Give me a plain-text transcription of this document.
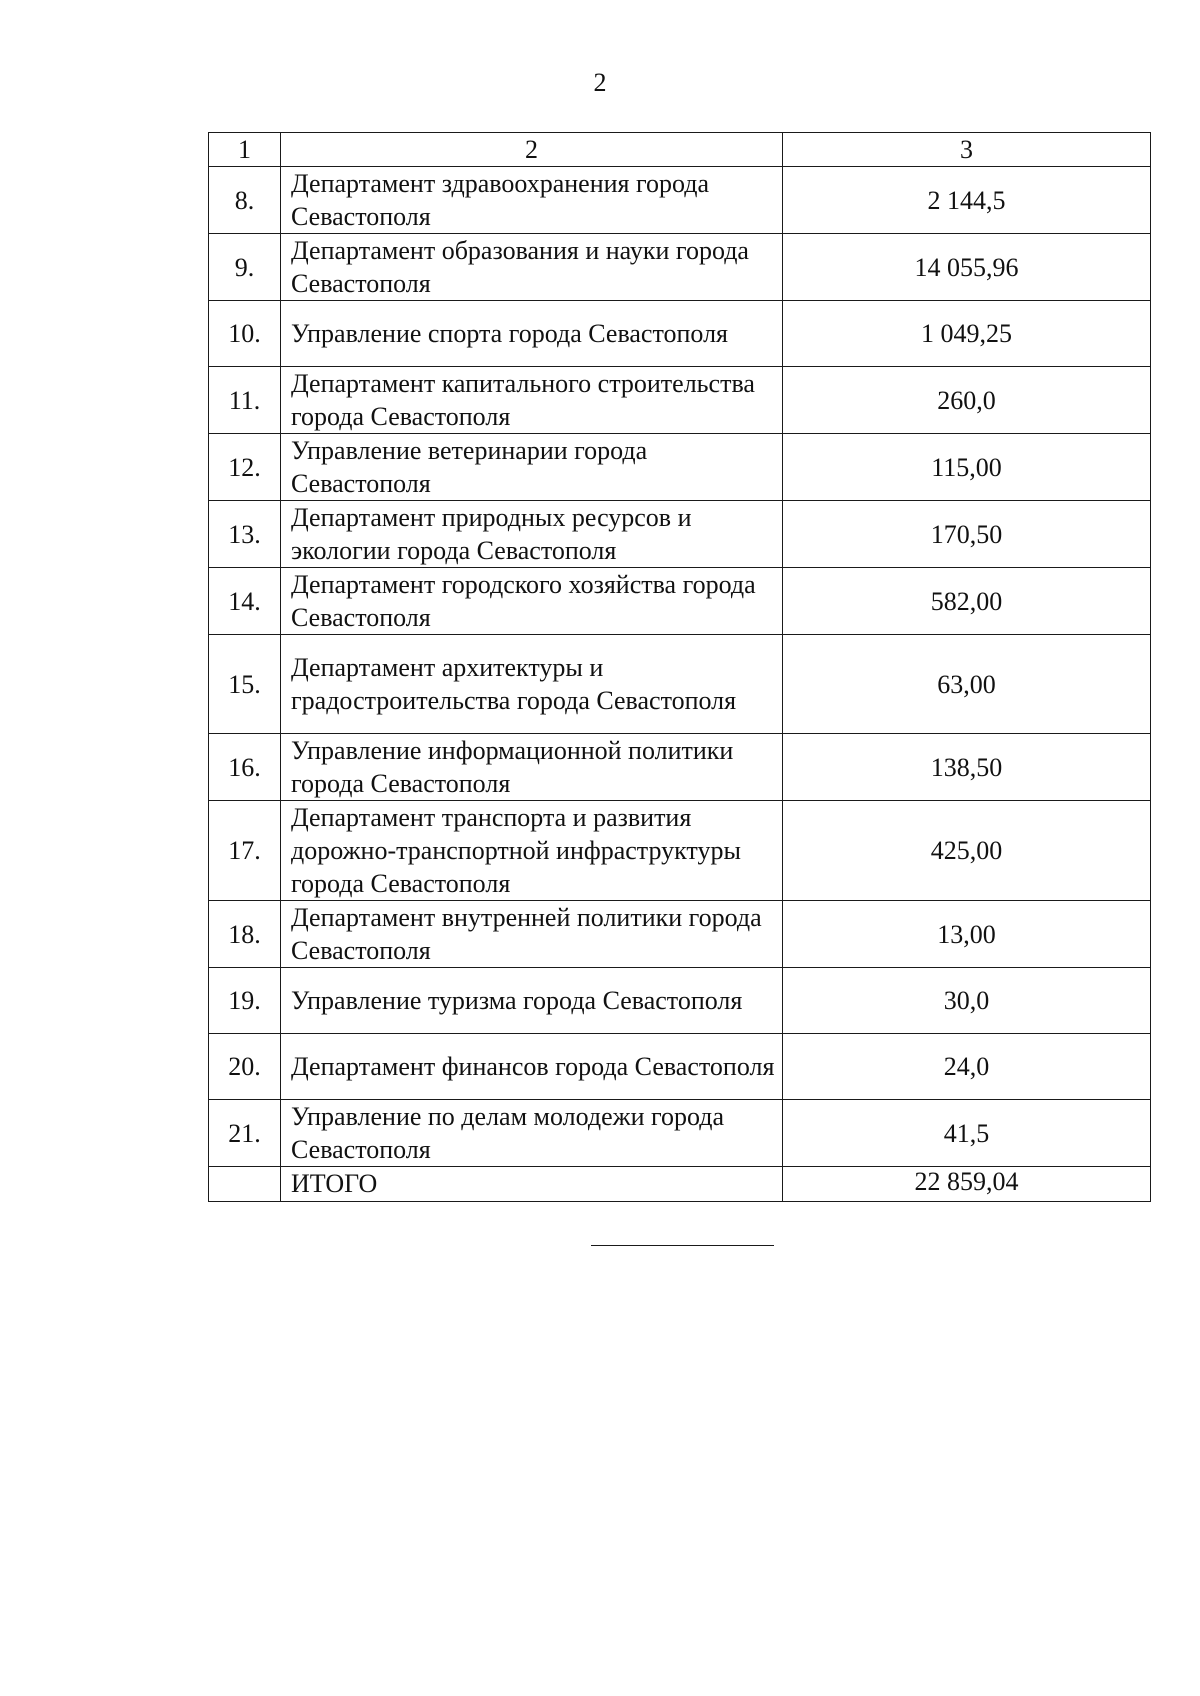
2
1	2	3
8.	Департамент здравоохранения города Севастополя	2 144,5
9.	Департамент образования и науки города Севастополя	14 055,96
10.	Управление спорта города Севастополя	1 049,25
11.	Департамент капитального строительства города Севастополя	260,0
12.	Управление ветеринарии города Севастополя	115,00
13.	Департамент природных ресурсов и экологии города Севастополя	170,50
14.	Департамент городского хозяйства города Севастополя	582,00
15.	Департамент архитектуры и градостроительства города Севастополя	63,00
16.	Управление информационной политики города Севастополя	138,50
17.	Департамент транспорта и развития дорожно-транспортной инфраструктуры города Севастополя	425,00
18.	Департамент внутренней политики города Севастополя	13,00
19.	Управление туризма города Севастополя	30,0
20.	Департамент финансов города Севастополя	24,0
21.	Управление по делам молодежи города Севастополя	41,5
	ИТОГО	22 859,04
